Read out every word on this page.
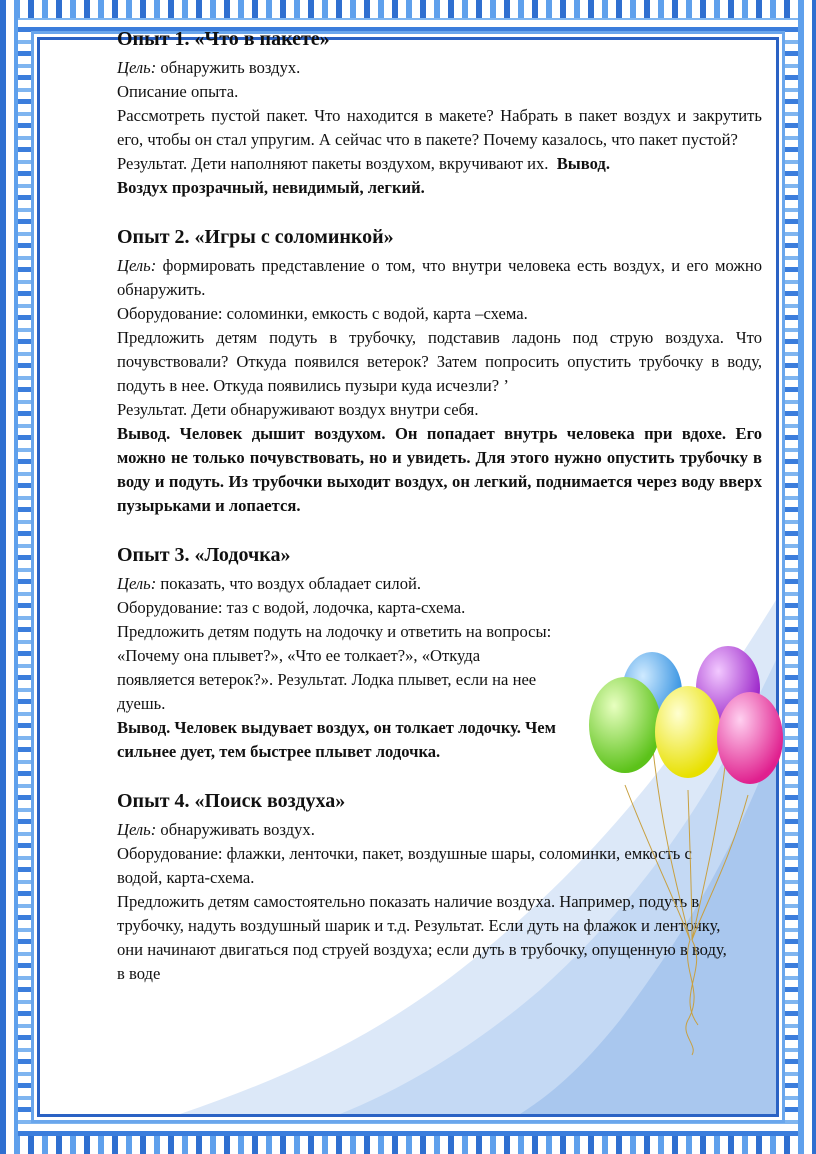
Опыт 1. «Что в пакете»

Цель: обнаружить воздух.

Описание опыта.

Рассмотреть пустой пакет. Что находится в макете? Набрать в пакет воздух и закрутить его, чтобы он стал упругим. А сейчас что в пакете? Почему казалось, что пакет пустой?

Результат. Дети наполняют пакеты воздухом, вкручивают их. Вывод.

Воздух прозрачный, невидимый, легкий.

Опыт 2. «Игры с соломинкой»

Цель: формировать представление о том, что внутри человека есть воздух, и его можно обнаружить.

Оборудование: соломинки, емкость с водой, карта –схема.

Предложить детям подуть в трубочку, подставив ладонь под струю воздуха. Что почувствовали? Откуда появился ветерок? Затем попросить опустить трубочку в воду, подуть в нее. Откуда появились пузыри куда исчезли? ’

Результат. Дети обнаруживают воздух внутри себя.

Вывод. Человек дышит воздухом. Он попадает внутрь человека при вдохе. Его можно не только почувствовать, но и увидеть. Для этого нужно опустить трубочку в воду и подуть. Из трубочки выходит воздух, он легкий, поднимается через воду вверх пузырьками и лопается.

Опыт 3. «Лодочка»

Цель: показать, что воздух обладает силой.

Оборудование: таз с водой, лодочка, карта-схема.

Предложить детям подуть на лодочку и ответить на вопросы: «Почему она плывет?», «Что ее толкает?», «Откуда появляется ветерок?». Результат. Лодка плывет, если на нее дуешь.

Вывод. Человек выдувает воздух, он толкает лодочку. Чем сильнее дует, тем быстрее плывет лодочка.

Опыт 4. «Поиск воздуха»

Цель: обнаруживать воздух.

Оборудование: флажки, ленточки, пакет, воздушные шары, соломинки, емкость с водой, карта-схема.

Предложить детям самостоятельно показать наличие воздуха. Например, подуть в трубочку, надуть воздушный шарик и т.д. Результат. Если дуть на флажок и ленточку, они начинают двигаться под струей воздуха; если дуть в трубочку, опущенную в воду, в воде
